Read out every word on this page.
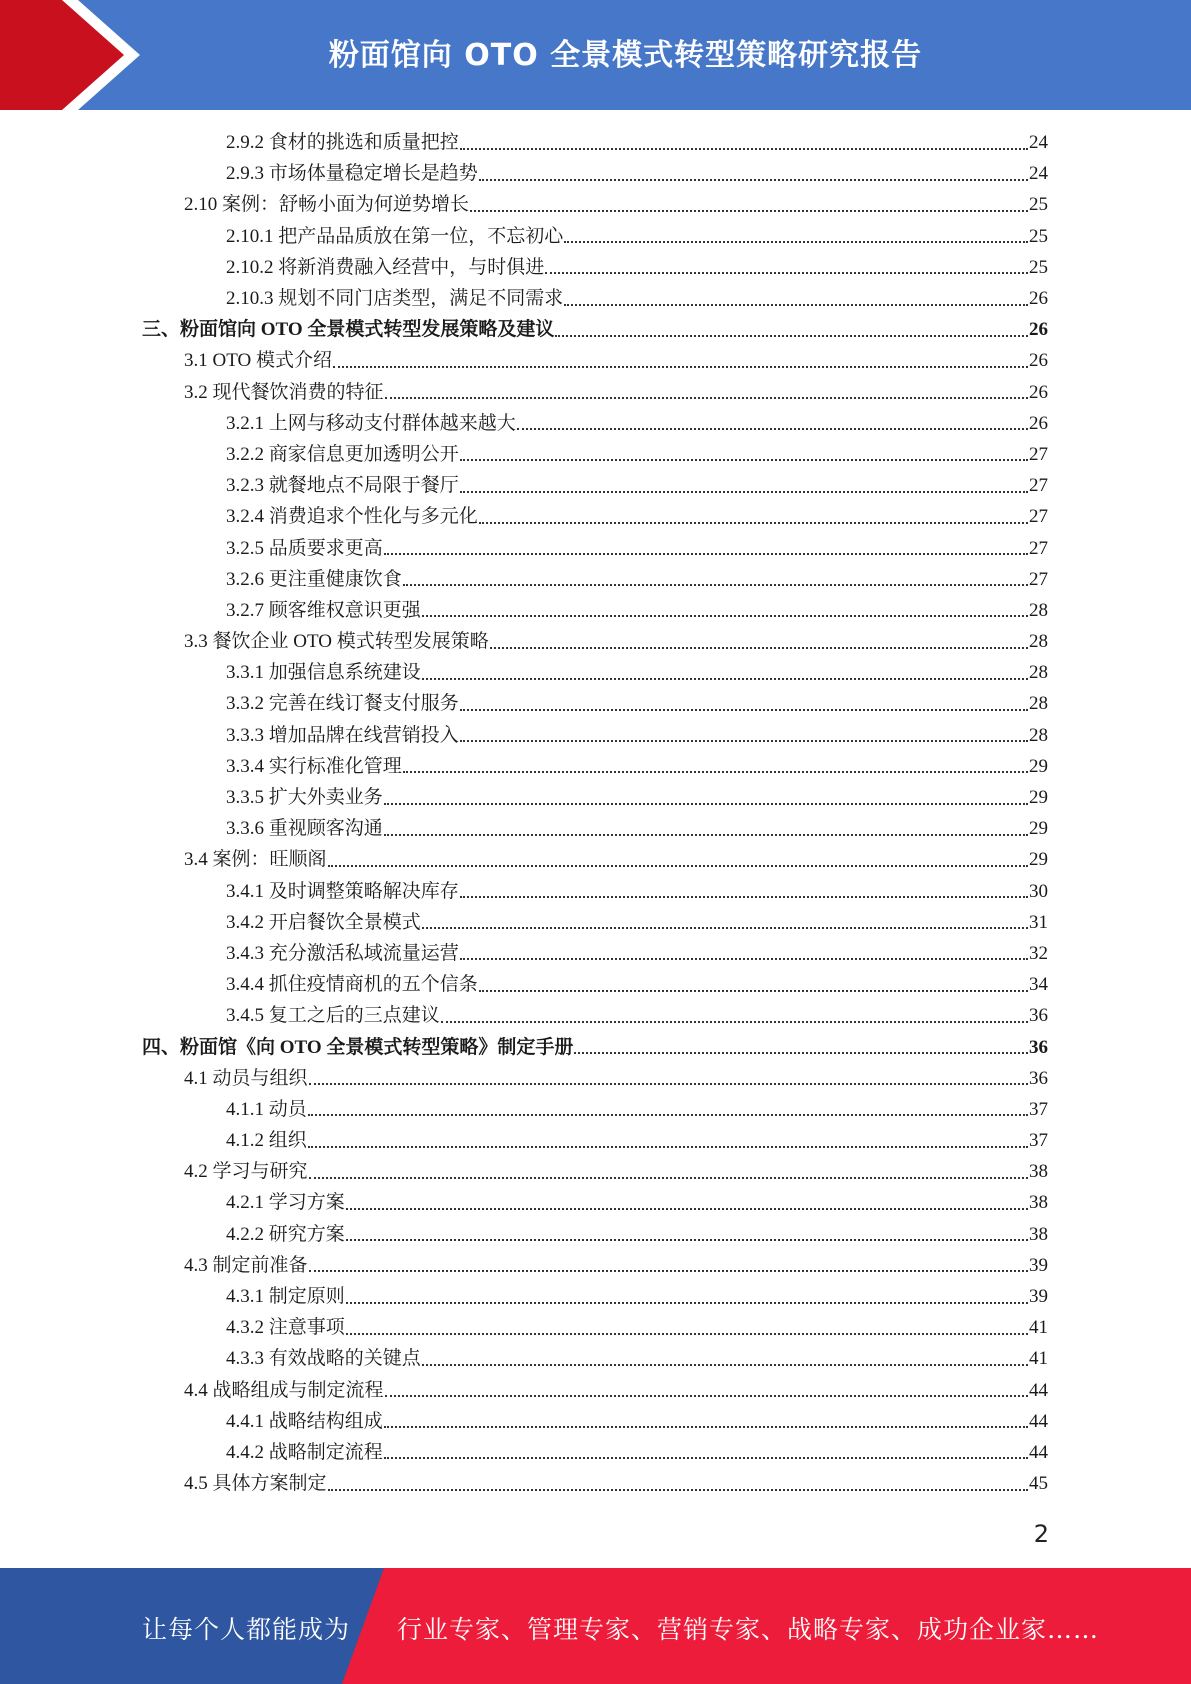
粉面馆向 OTO 全景模式转型策略研究报告
2.9.2 食材的挑选和质量把控	24
2.9.3 市场体量稳定增长是趋势	24
2.10 案例：舒畅小面为何逆势增长	25
2.10.1 把产品品质放在第一位，不忘初心	25
2.10.2 将新消费融入经营中，与时俱进	25
2.10.3 规划不同门店类型，满足不同需求	26
三、粉面馆向 OTO 全景模式转型发展策略及建议	26
3.1 OTO 模式介绍	26
3.2 现代餐饮消费的特征	26
3.2.1 上网与移动支付群体越来越大	26
3.2.2 商家信息更加透明公开	27
3.2.3 就餐地点不局限于餐厅	27
3.2.4 消费追求个性化与多元化	27
3.2.5 品质要求更高	27
3.2.6 更注重健康饮食	27
3.2.7 顾客维权意识更强	28
3.3 餐饮企业 OTO 模式转型发展策略	28
3.3.1 加强信息系统建设	28
3.3.2 完善在线订餐支付服务	28
3.3.3 增加品牌在线营销投入	28
3.3.4 实行标准化管理	29
3.3.5 扩大外卖业务	29
3.3.6 重视顾客沟通	29
3.4 案例：旺顺阁	29
3.4.1 及时调整策略解决库存	30
3.4.2 开启餐饮全景模式	31
3.4.3 充分激活私域流量运营	32
3.4.4 抓住疫情商机的五个信条	34
3.4.5 复工之后的三点建议	36
四、粉面馆《向 OTO 全景模式转型策略》制定手册	36
4.1 动员与组织	36
4.1.1 动员	37
4.1.2 组织	37
4.2 学习与研究	38
4.2.1 学习方案	38
4.2.2 研究方案	38
4.3 制定前准备	39
4.3.1 制定原则	39
4.3.2 注意事项	41
4.3.3 有效战略的关键点	41
4.4 战略组成与制定流程	44
4.4.1 战略结构组成	44
4.4.2 战略制定流程	44
4.5 具体方案制定	45
2
让每个人都能成为 行业专家、管理专家、营销专家、战略专家、成功企业家……
